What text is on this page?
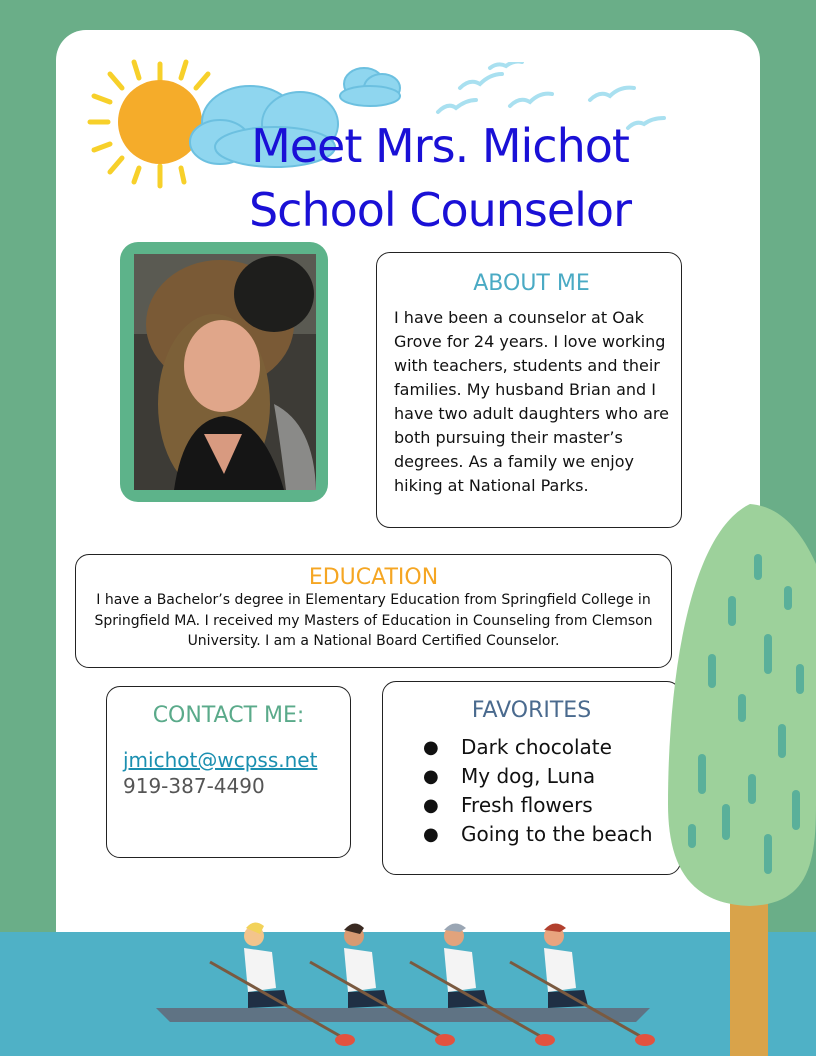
Meet Mrs. Michot
School Counselor

ABOUT ME

I have been a counselor at Oak Grove for 24 years. I love working with teachers, students and their families. My husband Brian and I have two adult daughters who are both pursuing their master’s degrees. As a family we enjoy hiking at National Parks.

EDUCATION

I have a Bachelor’s degree in Elementary Education from Springfield College in Springfield MA. I received my Masters of Education in Counseling from Clemson University. I am a National Board Certified Counselor.

CONTACT ME:

jmichot@wcpss.net
919-387-4490

FAVORITES

● Dark chocolate
● My dog, Luna
● Fresh flowers
● Going to the beach
